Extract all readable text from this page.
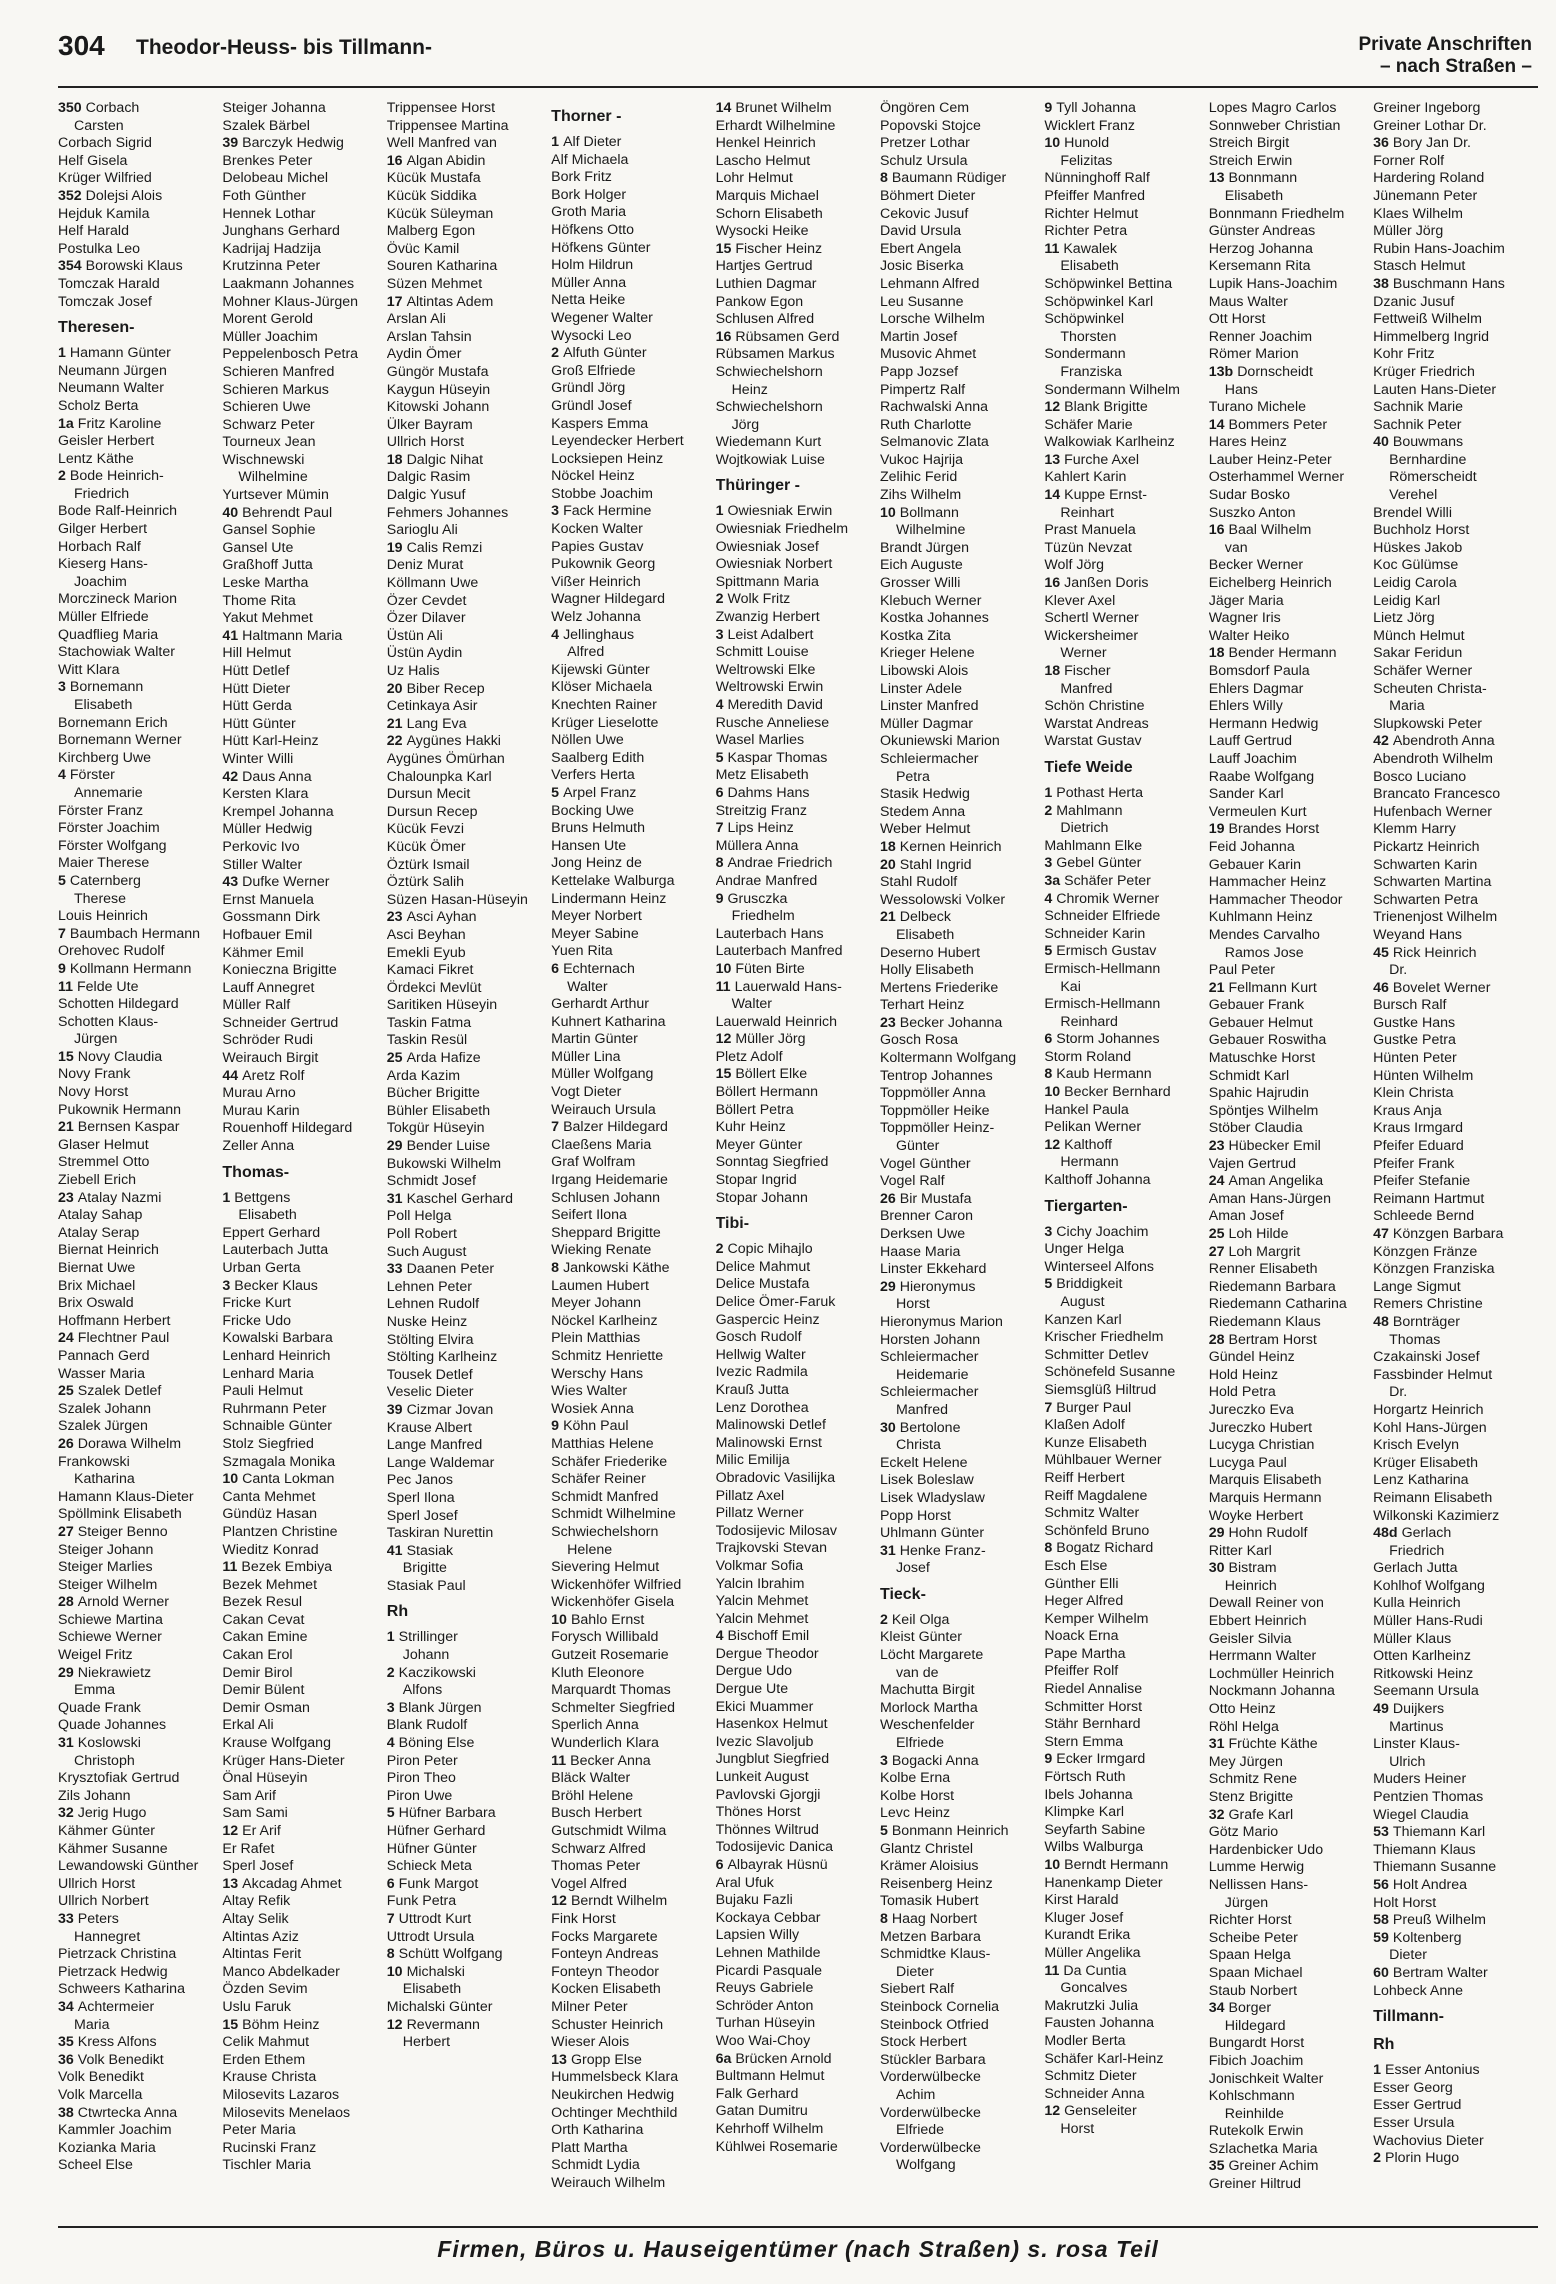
304 Theodor-Heuss- bis Tillmann-	Private Anschriften
– nach Straßen –
350 Corbach
Carsten
Corbach Sigrid
Helf Gisela
Krüger Wilfried
352 Dolejsi Alois
Hejduk Kamila
Helf Harald
Postulka Leo
354 Borowski Klaus
Tomczak Harald
Tomczak Josef
Theresen-
1 Hamann Günter
Neumann Jürgen
Neumann Walter
Scholz Berta
1a Fritz Karoline
Geisler Herbert
Lentz Käthe
2 Bode Heinrich-
Friedrich
Bode Ralf-Heinrich
Gilger Herbert
Horbach Ralf
Kieserg Hans-
Joachim
Morczineck Marion
Müller Elfriede
Quadflieg Maria
Stachowiak Walter
Witt Klara
3 Bornemann
Elisabeth
Bornemann Erich
Bornemann Werner
Kirchberg Uwe
4 Förster
Annemarie
Förster Franz
Förster Joachim
Förster Wolfgang
Maier Therese
5 Caternberg
Therese
Louis Heinrich
7 Baumbach Hermann
Orehovec Rudolf
9 Kollmann Hermann
11 Felde Ute
Schotten Hildegard
Schotten Klaus-
Jürgen
15 Novy Claudia
Novy Frank
Novy Horst
Pukownik Hermann
21 Bernsen Kaspar
Glaser Helmut
Stremmel Otto
Ziebell Erich
23 Atalay Nazmi
Atalay Sahap
Atalay Serap
Biernat Heinrich
Biernat Uwe
Brix Michael
Brix Oswald
Hoffmann Herbert
24 Flechtner Paul
Pannach Gerd
Wasser Maria
25 Szalek Detlef
Szalek Johann
Szalek Jürgen
26 Dorawa Wilhelm
Frankowski
Katharina
Hamann Klaus-Dieter
Spöllmink Elisabeth
27 Steiger Benno
Steiger Johann
Steiger Marlies
Steiger Wilhelm
28 Arnold Werner
Schiewe Martina
Schiewe Werner
Weigel Fritz
29 Niekrawietz
Emma
Quade Frank
Quade Johannes
31 Koslowski
Christoph
Krysztofiak Gertrud
Zils Johann
32 Jerig Hugo
Kähmer Günter
Kähmer Susanne
Lewandowski Günther
Ullrich Horst
Ullrich Norbert
33 Peters
Hannegret
Pietrzack Christina
Pietrzack Hedwig
Schweers Katharina
34 Achtermeier
Maria
35 Kress Alfons
36 Volk Benedikt
Volk Benedikt
Volk Marcella
38 Ctwrtecka Anna
Kammler Joachim
Kozianka Maria
Scheel Else
Steiger Johanna
Szalek Bärbel
39 Barczyk Hedwig
Brenkes Peter
Delobeau Michel
Foth Günther
Hennek Lothar
Junghans Gerhard
Kadrijaj Hadzija
Krutzinna Peter
Laakmann Johannes
Mohner Klaus-Jürgen
Morent Gerold
Müller Joachim
Peppelenbosch Petra
Schieren Manfred
Schieren Markus
Schieren Uwe
Schwarz Peter
Tourneux Jean
Wischnewski
Wilhelmine
Yurtsever Mümin
40 Behrendt Paul
Gansel Sophie
Gansel Ute
Graßhoff Jutta
Leske Martha
Thome Rita
Yakut Mehmet
41 Haltmann Maria
Hill Helmut
Hütt Detlef
Hütt Dieter
Hütt Gerda
Hütt Günter
Hütt Karl-Heinz
Winter Willi
42 Daus Anna
Kersten Klara
Krempel Johanna
Müller Hedwig
Perkovic Ivo
Stiller Walter
43 Dufke Werner
Ernst Manuela
Gossmann Dirk
Hofbauer Emil
Kähmer Emil
Konieczna Brigitte
Lauff Annegret
Müller Ralf
Schneider Gertrud
Schröder Rudi
Weirauch Birgit
44 Aretz Rolf
Murau Arno
Murau Karin
Rouenhoff Hildegard
Zeller Anna
Thomas-
1 Bettgens
Elisabeth
Eppert Gerhard
Lauterbach Jutta
Urban Gerta
3 Becker Klaus
Fricke Kurt
Fricke Udo
Kowalski Barbara
Lenhard Heinrich
Lenhard Maria
Pauli Helmut
Ruhrmann Peter
Schnaible Günter
Stolz Siegfried
Szmagala Monika
10 Canta Lokman
Canta Mehmet
Gündüz Hasan
Plantzen Christine
Wieditz Konrad
11 Bezek Embiya
Bezek Mehmet
Bezek Resul
Cakan Cevat
Cakan Emine
Cakan Erol
Demir Birol
Demir Bülent
Demir Osman
Erkal Ali
Krause Wolfgang
Krüger Hans-Dieter
Önal Hüseyin
Sam Arif
Sam Sami
12 Er Arif
Er Rafet
Sperl Josef
13 Akcadag Ahmet
Altay Refik
Altay Selik
Altintas Aziz
Altintas Ferit
Manco Abdelkader
Özden Sevim
Uslu Faruk
15 Böhm Heinz
Celik Mahmut
Erden Ethem
Krause Christa
Milosevits Lazaros
Milosevits Menelaos
Peter Maria
Rucinski Franz
Tischler Maria
Trippensee Horst
Trippensee Martina
Well Manfred van
16 Algan Abidin
Kücük Mustafa
Kücük Siddika
Kücük Süleyman
Malberg Egon
Övüc Kamil
Souren Katharina
Süzen Mehmet
17 Altintas Adem
Arslan Ali
Arslan Tahsin
Aydin Ömer
Güngör Mustafa
Kaygun Hüseyin
Kitowski Johann
Ülker Bayram
Ullrich Horst
18 Dalgic Nihat
Dalgic Rasim
Dalgic Yusuf
Fehmers Johannes
Sarioglu Ali
19 Calis Remzi
Deniz Murat
Köllmann Uwe
Özer Cevdet
Özer Dilaver
Üstün Ali
Üstün Aydin
Uz Halis
20 Biber Recep
Cetinkaya Asir
21 Lang Eva
22 Aygünes Hakki
Aygünes Ömürhan
Chalounpka Karl
Dursun Mecit
Dursun Recep
Kücük Fevzi
Kücük Ömer
Öztürk Ismail
Öztürk Salih
Süzen Hasan-Hüseyin
23 Asci Ayhan
Asci Beyhan
Emekli Eyub
Kamaci Fikret
Ördekci Mevlüt
Saritiken Hüseyin
Taskin Fatma
Taskin Resül
25 Arda Hafize
Arda Kazim
Bücher Brigitte
Bühler Elisabeth
Tokgür Hüseyin
29 Bender Luise
Bukowski Wilhelm
Schmidt Josef
31 Kaschel Gerhard
Poll Helga
Poll Robert
Such August
33 Daanen Peter
Lehnen Peter
Lehnen Rudolf
Nuske Heinz
Stölting Elvira
Stölting Karlheinz
Tousek Detlef
Veselic Dieter
39 Cizmar Jovan
Krause Albert
Lange Manfred
Lange Waldemar
Pec Janos
Sperl Ilona
Sperl Josef
Taskiran Nurettin
41 Stasiak
Brigitte
Stasiak Paul
Rh
1 Strillinger
Johann
2 Kaczikowski
Alfons
3 Blank Jürgen
Blank Rudolf
4 Böning Else
Piron Peter
Piron Theo
Piron Uwe
5 Hüfner Barbara
Hüfner Gerhard
Hüfner Günter
Schieck Meta
6 Funk Margot
Funk Petra
7 Uttrodt Kurt
Uttrodt Ursula
8 Schütt Wolfgang
10 Michalski
Elisabeth
Michalski Günter
12 Revermann
Herbert
Thorner -
1 Alf Dieter
Alf Michaela
Bork Fritz
Bork Holger
Groth Maria
Höfkens Otto
Höfkens Günter
Holm Hildrun
Müller Anna
Netta Heike
Wegener Walter
Wysocki Leo
2 Alfuth Günter
Groß Elfriede
Gründl Jörg
Gründl Josef
Kaspers Emma
Leyendecker Herbert
Locksiepen Heinz
Nöckel Heinz
Stobbe Joachim
3 Fack Hermine
Kocken Walter
Papies Gustav
Pukownik Georg
Vißer Heinrich
Wagner Hildegard
Welz Johanna
4 Jellinghaus
Alfred
Kijewski Günter
Klöser Michaela
Knechten Rainer
Krüger Lieselotte
Nöllen Uwe
Saalberg Edith
Verfers Herta
5 Arpel Franz
Bocking Uwe
Bruns Helmuth
Hansen Ute
Jong Heinz de
Kettelake Walburga
Lindermann Heinz
Meyer Norbert
Meyer Sabine
Yuen Rita
6 Echternach
Walter
Gerhardt Arthur
Kuhnert Katharina
Martin Günter
Müller Lina
Müller Wolfgang
Vogt Dieter
Weirauch Ursula
7 Balzer Hildegard
Claeßens Maria
Graf Wolfram
Irgang Heidemarie
Schlusen Johann
Seifert Ilona
Sheppard Brigitte
Wieking Renate
8 Jankowski Käthe
Laumen Hubert
Meyer Johann
Nöckel Karlheinz
Plein Matthias
Schmitz Henriette
Werschy Hans
Wies Walter
Wosiek Anna
9 Köhn Paul
Matthias Helene
Schäfer Friederike
Schäfer Reiner
Schmidt Manfred
Schmidt Wilhelmine
Schwiechelshorn
Helene
Sievering Helmut
Wickenhöfer Wilfried
Wickenhöfer Gisela
10 Bahlo Ernst
Forysch Willibald
Gutzeit Rosemarie
Kluth Eleonore
Marquardt Thomas
Schmelter Siegfried
Sperlich Anna
Wunderlich Klara
11 Becker Anna
Bläck Walter
Bröhl Helene
Busch Herbert
Gutschmidt Wilma
Schwarz Alfred
Thomas Peter
Vogel Alfred
12 Berndt Wilhelm
Fink Horst
Focks Margarete
Fonteyn Andreas
Fonteyn Theodor
Kocken Elisabeth
Milner Peter
Schuster Heinrich
Wieser Alois
13 Gropp Else
Hummelsbeck Klara
Neukirchen Hedwig
Ochtinger Mechthild
Orth Katharina
Platt Martha
Schmidt Lydia
Weirauch Wilhelm
14 Brunet Wilhelm
Erhardt Wilhelmine
Henkel Heinrich
Lascho Helmut
Lohr Helmut
Marquis Michael
Schorn Elisabeth
Wysocki Heike
15 Fischer Heinz
Hartjes Gertrud
Luthien Dagmar
Pankow Egon
Schlusen Alfred
16 Rübsamen Gerd
Rübsamen Markus
Schwiechelshorn
Heinz
Schwiechelshorn
Jörg
Wiedemann Kurt
Wojtkowiak Luise
Thüringer -
1 Owiesniak Erwin
Owiesniak Friedhelm
Owiesniak Josef
Owiesniak Norbert
Spittmann Maria
2 Wolk Fritz
Zwanzig Herbert
3 Leist Adalbert
Schmitt Louise
Weltrowski Elke
Weltrowski Erwin
4 Meredith David
Rusche Anneliese
Wasel Marlies
5 Kaspar Thomas
Metz Elisabeth
6 Dahms Hans
Streitzig Franz
7 Lips Heinz
Müllera Anna
8 Andrae Friedrich
Andrae Manfred
9 Grusczka
Friedhelm
Lauterbach Hans
Lauterbach Manfred
10 Füten Birte
11 Lauerwald Hans-
Walter
Lauerwald Heinrich
12 Müller Jörg
Pletz Adolf
15 Böllert Elke
Böllert Hermann
Böllert Petra
Kuhr Heinz
Meyer Günter
Sonntag Siegfried
Stopar Ingrid
Stopar Johann
Tibi-
2 Copic Mihajlo
Delice Mahmut
Delice Mustafa
Delice Ömer-Faruk
Gaspercic Heinz
Gosch Rudolf
Hellwig Walter
Ivezic Radmila
Krauß Jutta
Lenz Dorothea
Malinowski Detlef
Malinowski Ernst
Milic Emilija
Obradovic Vasilijka
Pillatz Axel
Pillatz Werner
Todosijevic Milosav
Trajkovski Stevan
Volkmar Sofia
Yalcin Ibrahim
Yalcin Mehmet
Yalcin Mehmet
4 Bischoff Emil
Dergue Theodor
Dergue Udo
Dergue Ute
Ekici Muammer
Hasenkox Helmut
Ivezic Slavoljub
Jungblut Siegfried
Lunkeit August
Pavlovski Gjorgji
Thönes Horst
Thönnes Wiltrud
Todosijevic Danica
6 Albayrak Hüsnü
Aral Ufuk
Bujaku Fazli
Kockaya Cebbar
Lapsien Willy
Lehnen Mathilde
Picardi Pasquale
Reuys Gabriele
Schröder Anton
Turhan Hüseyin
Woo Wai-Choy
6a Brücken Arnold
Bultmann Helmut
Falk Gerhard
Gatan Dumitru
Kehrhoff Wilhelm
Kühlwei Rosemarie
Öngören Cem
Popovski Stojce
Pretzer Lothar
Schulz Ursula
8 Baumann Rüdiger
Böhmert Dieter
Cekovic Jusuf
David Ursula
Ebert Angela
Josic Biserka
Lehmann Alfred
Leu Susanne
Lorsche Wilhelm
Martin Josef
Musovic Ahmet
Papp Jozsef
Pimpertz Ralf
Rachwalski Anna
Ruth Charlotte
Selmanovic Zlata
Vukoc Hajrija
Zelihic Ferid
Zihs Wilhelm
10 Bollmann
Wilhelmine
Brandt Jürgen
Eich Auguste
Grosser Willi
Klebuch Werner
Kostka Johannes
Kostka Zita
Krieger Helene
Libowski Alois
Linster Adele
Linster Manfred
Müller Dagmar
Okuniewski Marion
Schleiermacher
Petra
Stasik Hedwig
Stedem Anna
Weber Helmut
18 Kernen Heinrich
20 Stahl Ingrid
Stahl Rudolf
Wessolowski Volker
21 Delbeck
Elisabeth
Deserno Hubert
Holly Elisabeth
Mertens Friederike
Terhart Heinz
23 Becker Johanna
Gosch Rosa
Koltermann Wolfgang
Tentrop Johannes
Toppmöller Anna
Toppmöller Heike
Toppmöller Heinz-
Günter
Vogel Günther
Vogel Ralf
26 Bir Mustafa
Brenner Caron
Derksen Uwe
Haase Maria
Linster Ekkehard
29 Hieronymus
Horst
Hieronymus Marion
Horsten Johann
Schleiermacher
Heidemarie
Schleiermacher
Manfred
30 Bertolone
Christa
Eckelt Helene
Lisek Boleslaw
Lisek Wladyslaw
Popp Horst
Uhlmann Günter
31 Henke Franz-
Josef
Tieck-
2 Keil Olga
Kleist Günter
Löcht Margarete
van de
Machutta Birgit
Morlock Martha
Weschenfelder
Elfriede
3 Bogacki Anna
Kolbe Erna
Kolbe Horst
Levc Heinz
5 Bonmann Heinrich
Glantz Christel
Krämer Aloisius
Reisenberg Heinz
Tomasik Hubert
8 Haag Norbert
Metzen Barbara
Schmidtke Klaus-
Dieter
Siebert Ralf
Steinbock Cornelia
Steinbock Otfried
Stock Herbert
Stückler Barbara
Vorderwülbecke
Achim
Vorderwülbecke
Elfriede
Vorderwülbecke
Wolfgang
9 Tyll Johanna
Wicklert Franz
10 Hunold
Felizitas
Nünninghoff Ralf
Pfeiffer Manfred
Richter Helmut
Richter Petra
11 Kawalek
Elisabeth
Schöpwinkel Bettina
Schöpwinkel Karl
Schöpwinkel
Thorsten
Sondermann
Franziska
Sondermann Wilhelm
12 Blank Brigitte
Schäfer Marie
Walkowiak Karlheinz
13 Furche Axel
Kahlert Karin
14 Kuppe Ernst-
Reinhart
Prast Manuela
Tüzün Nevzat
Wolf Jörg
16 Janßen Doris
Klever Axel
Schertl Werner
Wickersheimer
Werner
18 Fischer
Manfred
Schön Christine
Warstat Andreas
Warstat Gustav
Tiefe Weide
1 Pothast Herta
2 Mahlmann
Dietrich
Mahlmann Elke
3 Gebel Günter
3a Schäfer Peter
4 Chromik Werner
Schneider Elfriede
Schneider Karin
5 Ermisch Gustav
Ermisch-Hellmann
Kai
Ermisch-Hellmann
Reinhard
6 Storm Johannes
Storm Roland
8 Kaub Hermann
10 Becker Bernhard
Hankel Paula
Pelikan Werner
12 Kalthoff
Hermann
Kalthoff Johanna
Tiergarten-
3 Cichy Joachim
Unger Helga
Winterseel Alfons
5 Briddigkeit
August
Kanzen Karl
Krischer Friedhelm
Schmitter Detlev
Schönefeld Susanne
Siemsglüß Hiltrud
7 Burger Paul
Klaßen Adolf
Kunze Elisabeth
Mühlbauer Werner
Reiff Herbert
Reiff Magdalene
Schmitz Walter
Schönfeld Bruno
8 Bogatz Richard
Esch Else
Günther Elli
Heger Alfred
Kemper Wilhelm
Noack Erna
Pape Martha
Pfeiffer Rolf
Riedel Annalise
Schmitter Horst
Stähr Bernhard
Stern Emma
9 Ecker Irmgard
Förtsch Ruth
Ibels Johanna
Klimpke Karl
Seyfarth Sabine
Wilbs Walburga
10 Berndt Hermann
Hanenkamp Dieter
Kirst Harald
Kluger Josef
Kurandt Erika
Müller Angelika
11 Da Cuntia
Goncalves
Makrutzki Julia
Fausten Johanna
Modler Berta
Schäfer Karl-Heinz
Schmitz Dieter
Schneider Anna
12 Genseleiter
Horst
Lopes Magro Carlos
Sonnweber Christian
Streich Birgit
Streich Erwin
13 Bonnmann
Elisabeth
Bonnmann Friedhelm
Günster Andreas
Herzog Johanna
Kersemann Rita
Lupik Hans-Joachim
Maus Walter
Ott Horst
Renner Joachim
Römer Marion
13b Dornscheidt
Hans
Turano Michele
14 Bommers Peter
Hares Heinz
Lauber Heinz-Peter
Osterhammel Werner
Sudar Bosko
Suszko Anton
16 Baal Wilhelm
van
Becker Werner
Eichelberg Heinrich
Jäger Maria
Wagner Iris
Walter Heiko
18 Bender Hermann
Bomsdorf Paula
Ehlers Dagmar
Ehlers Willy
Hermann Hedwig
Lauff Gertrud
Lauff Joachim
Raabe Wolfgang
Sander Karl
Vermeulen Kurt
19 Brandes Horst
Feid Johanna
Gebauer Karin
Hammacher Heinz
Hammacher Theodor
Kuhlmann Heinz
Mendes Carvalho
Ramos Jose
Paul Peter
21 Fellmann Kurt
Gebauer Frank
Gebauer Helmut
Gebauer Roswitha
Matuschke Horst
Schmidt Karl
Spahic Hajrudin
Spöntjes Wilhelm
Stöber Claudia
23 Hübecker Emil
Vajen Gertrud
24 Aman Angelika
Aman Hans-Jürgen
Aman Josef
25 Loh Hilde
27 Loh Margrit
Renner Elisabeth
Riedemann Barbara
Riedemann Catharina
Riedemann Klaus
28 Bertram Horst
Gündel Heinz
Hold Heinz
Hold Petra
Jureczko Eva
Jureczko Hubert
Lucyga Christian
Lucyga Paul
Marquis Elisabeth
Marquis Hermann
Woyke Herbert
29 Hohn Rudolf
Ritter Karl
30 Bistram
Heinrich
Dewall Reiner von
Ebbert Heinrich
Geisler Silvia
Herrmann Walter
Lochmüller Heinrich
Nockmann Johanna
Otto Heinz
Röhl Helga
31 Früchte Käthe
Mey Jürgen
Schmitz Rene
Stenz Brigitte
32 Grafe Karl
Götz Mario
Hardenbicker Udo
Lumme Herwig
Nellissen Hans-
Jürgen
Richter Horst
Scheibe Peter
Spaan Helga
Spaan Michael
Staub Norbert
34 Borger
Hildegard
Bungardt Horst
Fibich Joachim
Jonischkeit Walter
Kohlschmann
Reinhilde
Rutekolk Erwin
Szlachetka Maria
35 Greiner Achim
Greiner Hiltrud
Greiner Ingeborg
Greiner Lothar Dr.
36 Bory Jan Dr.
Forner Rolf
Hardering Roland
Jünemann Peter
Klaes Wilhelm
Müller Jörg
Rubin Hans-Joachim
Stasch Helmut
38 Buschmann Hans
Dzanic Jusuf
Fettweiß Wilhelm
Himmelberg Ingrid
Kohr Fritz
Krüger Friedrich
Lauten Hans-Dieter
Sachnik Marie
Sachnik Peter
40 Bouwmans
Bernhardine
Römerscheidt
Verehel
Brendel Willi
Buchholz Horst
Hüskes Jakob
Koc Gülümse
Leidig Carola
Leidig Karl
Lietz Jörg
Münch Helmut
Sakar Feridun
Schäfer Werner
Scheuten Christa-
Maria
Slupkowski Peter
42 Abendroth Anna
Abendroth Wilhelm
Bosco Luciano
Brancato Francesco
Hufenbach Werner
Klemm Harry
Pickartz Heinrich
Schwarten Karin
Schwarten Martina
Schwarten Petra
Trienenjost Wilhelm
Weyand Hans
45 Rick Heinrich
Dr.
46 Bovelet Werner
Bursch Ralf
Gustke Hans
Gustke Petra
Hünten Peter
Hünten Wilhelm
Klein Christa
Kraus Anja
Kraus Irmgard
Pfeifer Eduard
Pfeifer Frank
Pfeifer Stefanie
Reimann Hartmut
Schleede Bernd
47 Könzgen Barbara
Könzgen Fränze
Könzgen Franziska
Lange Sigmut
Remers Christine
48 Bornträger
Thomas
Czakainski Josef
Fassbinder Helmut
Dr.
Horgartz Heinrich
Kohl Hans-Jürgen
Krisch Evelyn
Krüger Elisabeth
Lenz Katharina
Reimann Elisabeth
Wilkonski Kazimierz
48d Gerlach
Friedrich
Gerlach Jutta
Kohlhof Wolfgang
Kulla Heinrich
Müller Hans-Rudi
Müller Klaus
Otten Karlheinz
Ritkowski Heinz
Seemann Ursula
49 Duijkers
Martinus
Linster Klaus-
Ulrich
Muders Heiner
Pentzien Thomas
Wiegel Claudia
53 Thiemann Karl
Thiemann Klaus
Thiemann Susanne
56 Holt Andrea
Holt Horst
58 Preuß Wilhelm
59 Koltenberg
Dieter
60 Bertram Walter
Lohbeck Anne
Tillmann-
Rh
1 Esser Antonius
Esser Georg
Esser Gertrud
Esser Ursula
Wachovius Dieter
2 Plorin Hugo
Firmen, Büros u. Hauseigentümer (nach Straßen) s. rosa Teil
